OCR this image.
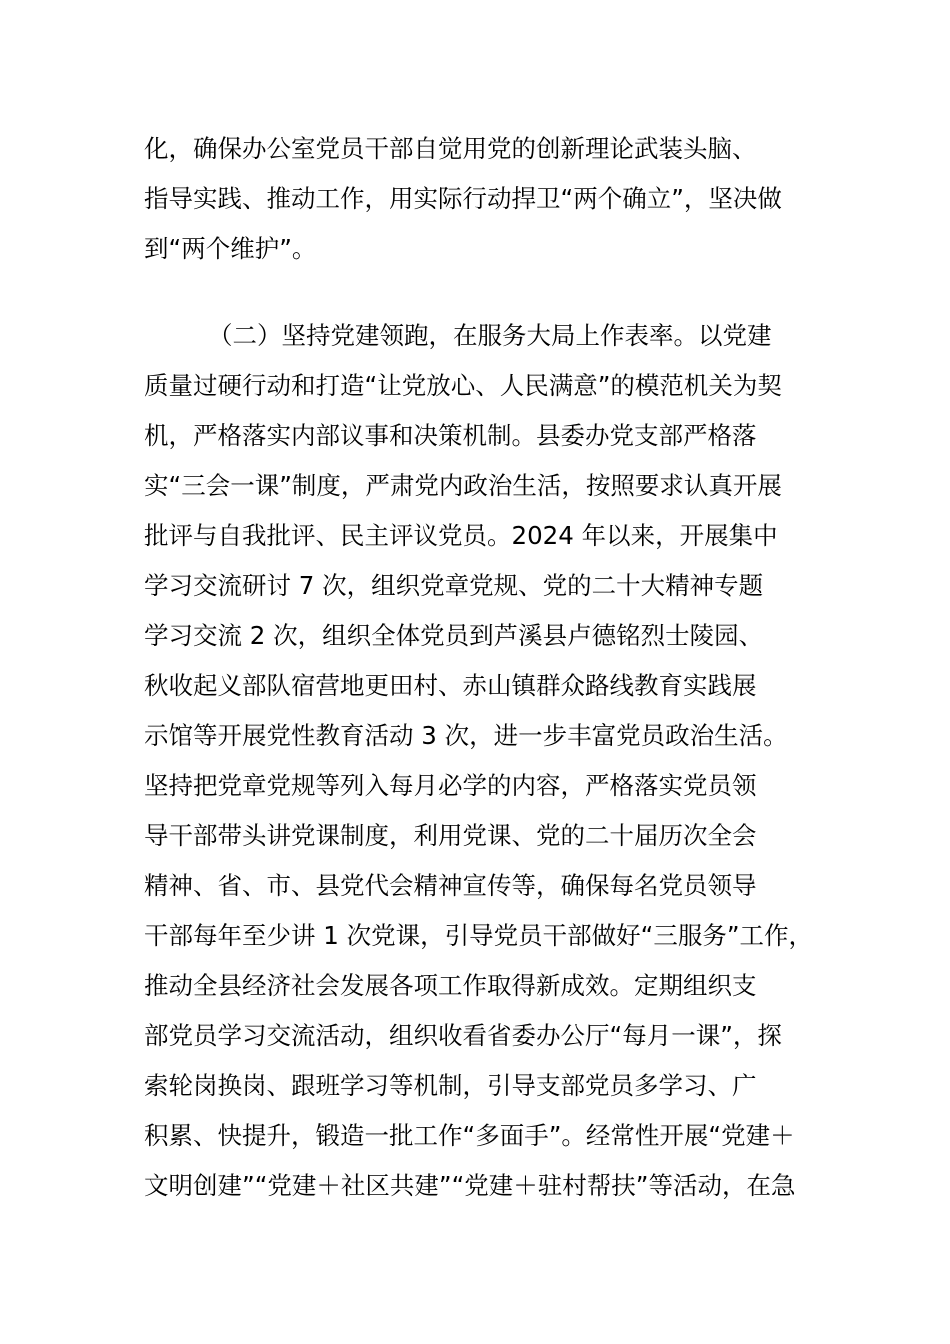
化，确保办公室党员干部自觉用党的创新理论武装头脑、
指导实践、推动工作，用实际行动捍卫“两个确立”，坚决做
到“两个维护”。
（二）坚持党建领跑，在服务大局上作表率。以党建
质量过硬行动和打造“让党放心、人民满意”的模范机关为契
机，严格落实内部议事和决策机制。县委办党支部严格落
实“三会一课”制度，严肃党内政治生活，按照要求认真开展
批评与自我批评、民主评议党员。2024 年以来，开展集中
学习交流研讨 7 次，组织党章党规、党的二十大精神专题
学习交流 2 次，组织全体党员到芦溪县卢德铭烈士陵园、
秋收起义部队宿营地更田村、赤山镇群众路线教育实践展
示馆等开展党性教育活动 3 次，进一步丰富党员政治生活。
坚持把党章党规等列入每月必学的内容，严格落实党员领
导干部带头讲党课制度，利用党课、党的二十届历次全会
精神、省、市、县党代会精神宣传等，确保每名党员领导
干部每年至少讲 1 次党课，引导党员干部做好“三服务”工作，
推动全县经济社会发展各项工作取得新成效。定期组织支
部党员学习交流活动，组织收看省委办公厅“每月一课”，探
索轮岗换岗、跟班学习等机制，引导支部党员多学习、广
积累、快提升，锻造一批工作“多面手”。经常性开展“党建＋
文明创建”“党建＋社区共建”“党建＋驻村帮扶”等活动，在急
